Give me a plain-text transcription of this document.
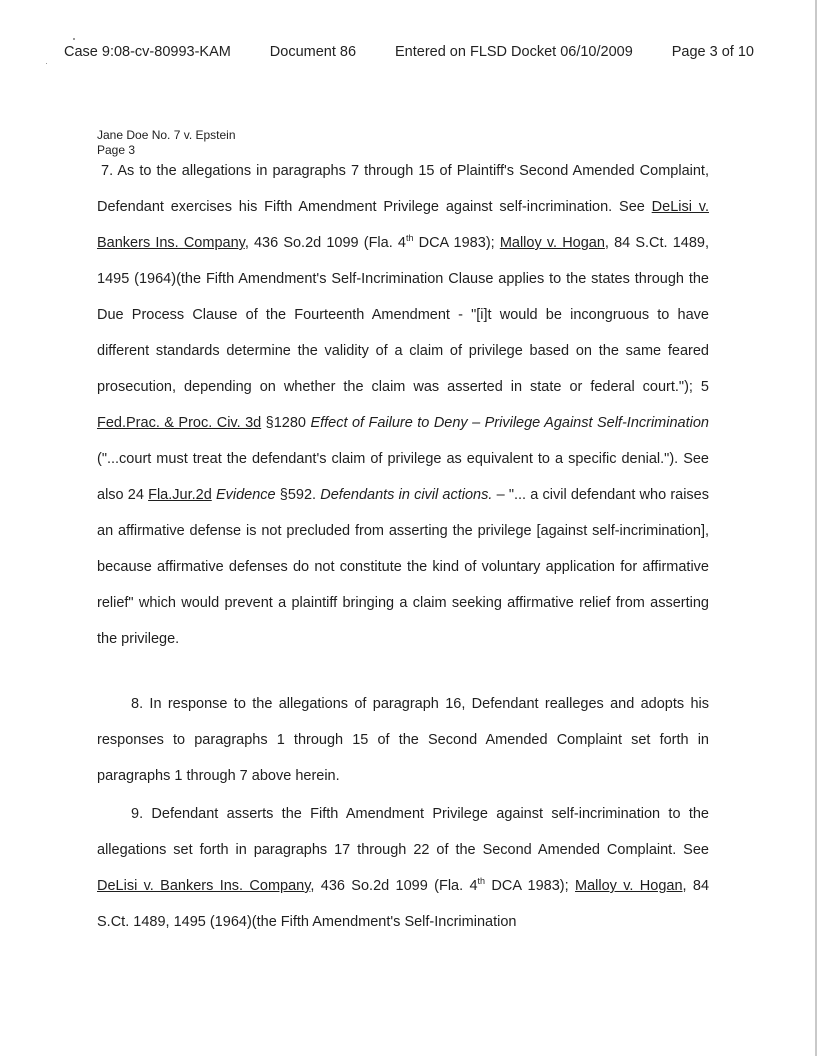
Case 9:08-cv-80993-KAM	Document 86	Entered on FLSD Docket 06/10/2009	Page 3 of 10
Jane Doe No. 7 v. Epstein
Page 3
7. As to the allegations in paragraphs 7 through 15 of Plaintiff's Second Amended Complaint, Defendant exercises his Fifth Amendment Privilege against self-incrimination. See DeLisi v. Bankers Ins. Company, 436 So.2d 1099 (Fla. 4th DCA 1983); Malloy v. Hogan, 84 S.Ct. 1489, 1495 (1964)(the Fifth Amendment's Self-Incrimination Clause applies to the states through the Due Process Clause of the Fourteenth Amendment - "[i]t would be incongruous to have different standards determine the validity of a claim of privilege based on the same feared prosecution, depending on whether the claim was asserted in state or federal court."); 5 Fed.Prac. & Proc. Civ. 3d §1280 Effect of Failure to Deny – Privilege Against Self-Incrimination ("...court must treat the defendant's claim of privilege as equivalent to a specific denial."). See also 24 Fla.Jur.2d Evidence §592. Defendants in civil actions. – "... a civil defendant who raises an affirmative defense is not precluded from asserting the privilege [against self-incrimination], because affirmative defenses do not constitute the kind of voluntary application for affirmative relief" which would prevent a plaintiff bringing a claim seeking affirmative relief from asserting the privilege.
8. In response to the allegations of paragraph 16, Defendant realleges and adopts his responses to paragraphs 1 through 15 of the Second Amended Complaint set forth in paragraphs 1 through 7 above herein.
9. Defendant asserts the Fifth Amendment Privilege against self-incrimination to the allegations set forth in paragraphs 17 through 22 of the Second Amended Complaint. See DeLisi v. Bankers Ins. Company, 436 So.2d 1099 (Fla. 4th DCA 1983); Malloy v. Hogan, 84 S.Ct. 1489, 1495 (1964)(the Fifth Amendment's Self-Incrimination
